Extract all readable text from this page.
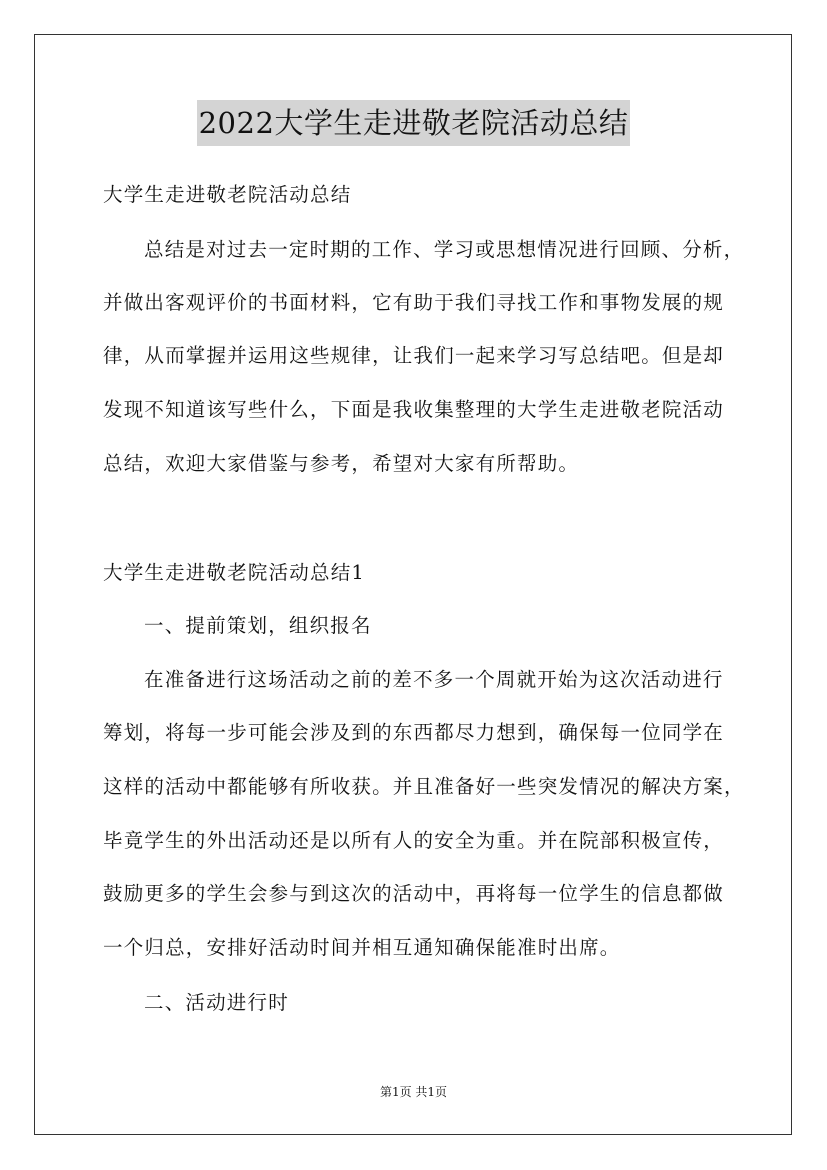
2022大学生走进敬老院活动总结
大学生走进敬老院活动总结
总结是对过去一定时期的工作、学习或思想情况进行回顾、分析，
并做出客观评价的书面材料，它有助于我们寻找工作和事物发展的规
律，从而掌握并运用这些规律，让我们一起来学习写总结吧。但是却
发现不知道该写些什么，下面是我收集整理的大学生走进敬老院活动
总结，欢迎大家借鉴与参考，希望对大家有所帮助。
大学生走进敬老院活动总结1
一、提前策划，组织报名
在准备进行这场活动之前的差不多一个周就开始为这次活动进行
筹划，将每一步可能会涉及到的东西都尽力想到，确保每一位同学在
这样的活动中都能够有所收获。并且准备好一些突发情况的解决方案，
毕竟学生的外出活动还是以所有人的安全为重。并在院部积极宣传，
鼓励更多的学生会参与到这次的活动中，再将每一位学生的信息都做
一个归总，安排好活动时间并相互通知确保能准时出席。
二、活动进行时
第1页 共1页
